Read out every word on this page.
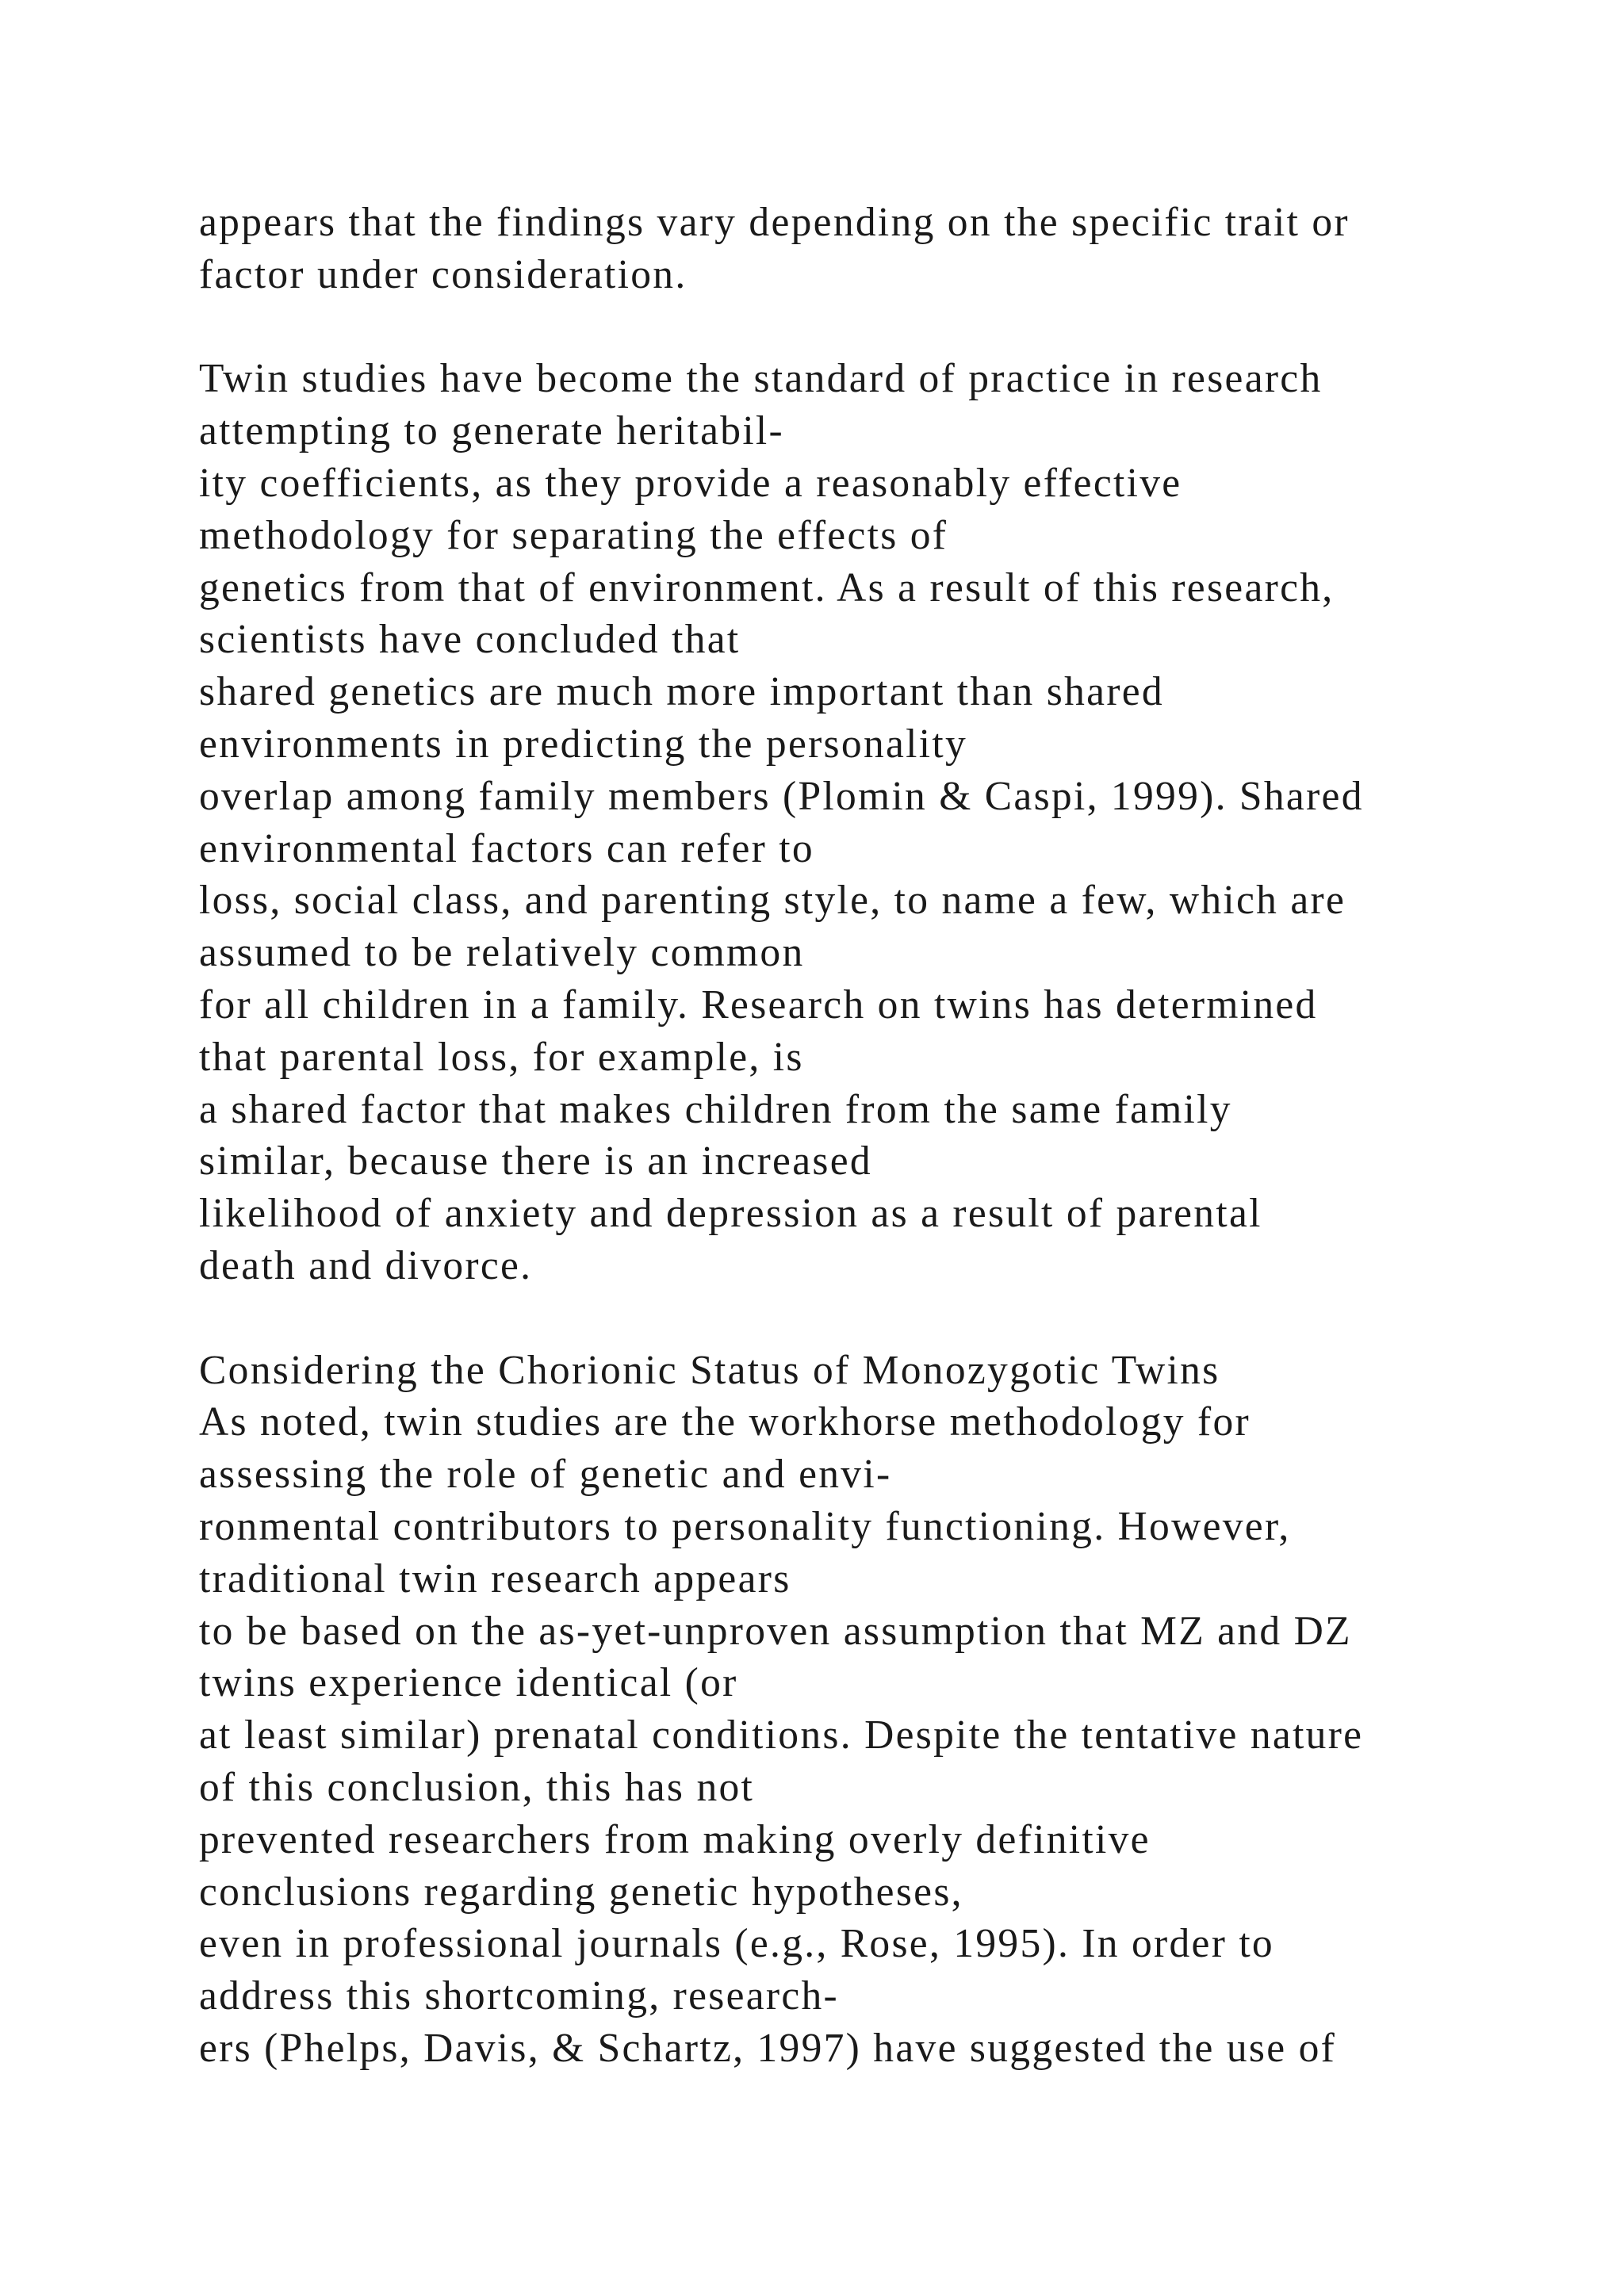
appears that the findings vary depending on the specific trait or
factor under consideration.
Twin studies have become the standard of practice in research
attempting to generate heritabil-
ity coefficients, as they provide a reasonably effective
methodology for separating the effects of
genetics from that of environment. As a result of this research,
scientists have concluded that
shared genetics are much more important than shared
environments in predicting the personality
overlap among family members (Plomin & Caspi, 1999). Shared
environmental factors can refer to
loss, social class, and parenting style, to name a few, which are
assumed to be relatively common
for all children in a family. Research on twins has determined
that parental loss, for example, is
a shared factor that makes children from the same family
similar, because there is an increased
likelihood of anxiety and depression as a result of parental
death and divorce.
Considering the Chorionic Status of Monozygotic Twins
As noted, twin studies are the workhorse methodology for
assessing the role of genetic and envi-
ronmental contributors to personality functioning. However,
traditional twin research appears
to be based on the as-yet-unproven assumption that MZ and DZ
twins experience identical (or
at least similar) prenatal conditions. Despite the tentative nature
of this conclusion, this has not
prevented researchers from making overly definitive
conclusions regarding genetic hypotheses,
even in professional journals (e.g., Rose, 1995). In order to
address this shortcoming, research-
ers (Phelps, Davis, & Schartz, 1997) have suggested the use of
